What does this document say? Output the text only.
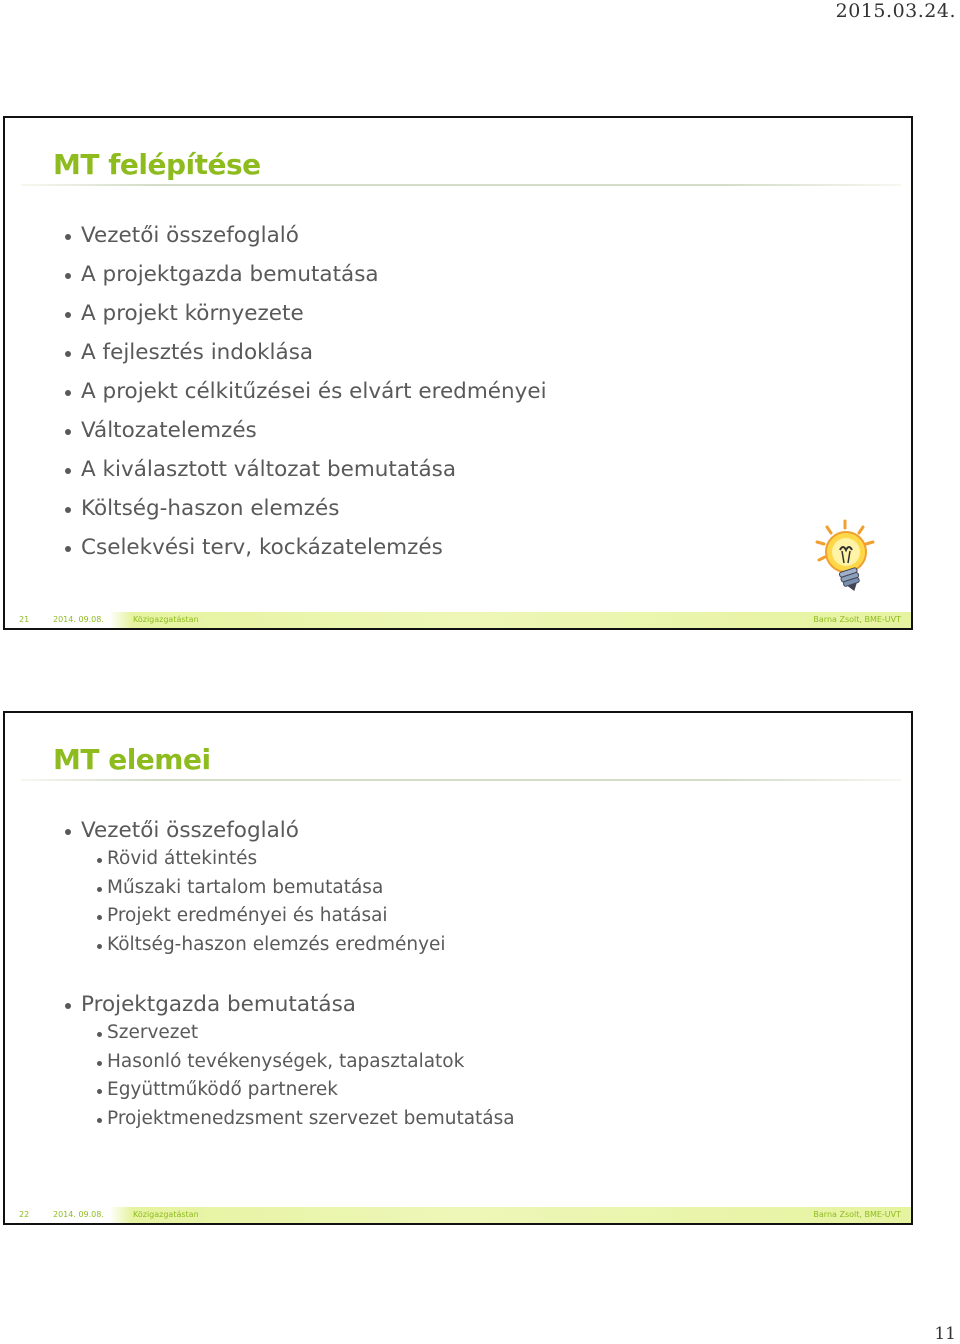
2015.03.24.
MT felépítése
Vezetői összefoglaló
A projektgazda bemutatása
A projekt környezete
A fejlesztés indoklása
A projekt célkitűzései és elvárt eredményei
Változatelemzés
A kiválasztott változat bemutatása
Költség-haszon elemzés
Cselekvési terv, kockázatelemzés
21	2014. 09.08.	Közigazgatástan	Barna Zsolt, BME-UVT
MT elemei
Vezetői összefoglaló
Rövid áttekintés
Műszaki tartalom bemutatása
Projekt eredményei és hatásai
Költség-haszon elemzés eredményei
Projektgazda bemutatása
Szervezet
Hasonló tevékenységek, tapasztalatok
Együttműködő partnerek
Projektmenedzsment szervezet bemutatása
22	2014. 09.08.	Közigazgatástan	Barna Zsolt, BME-UVT
11
